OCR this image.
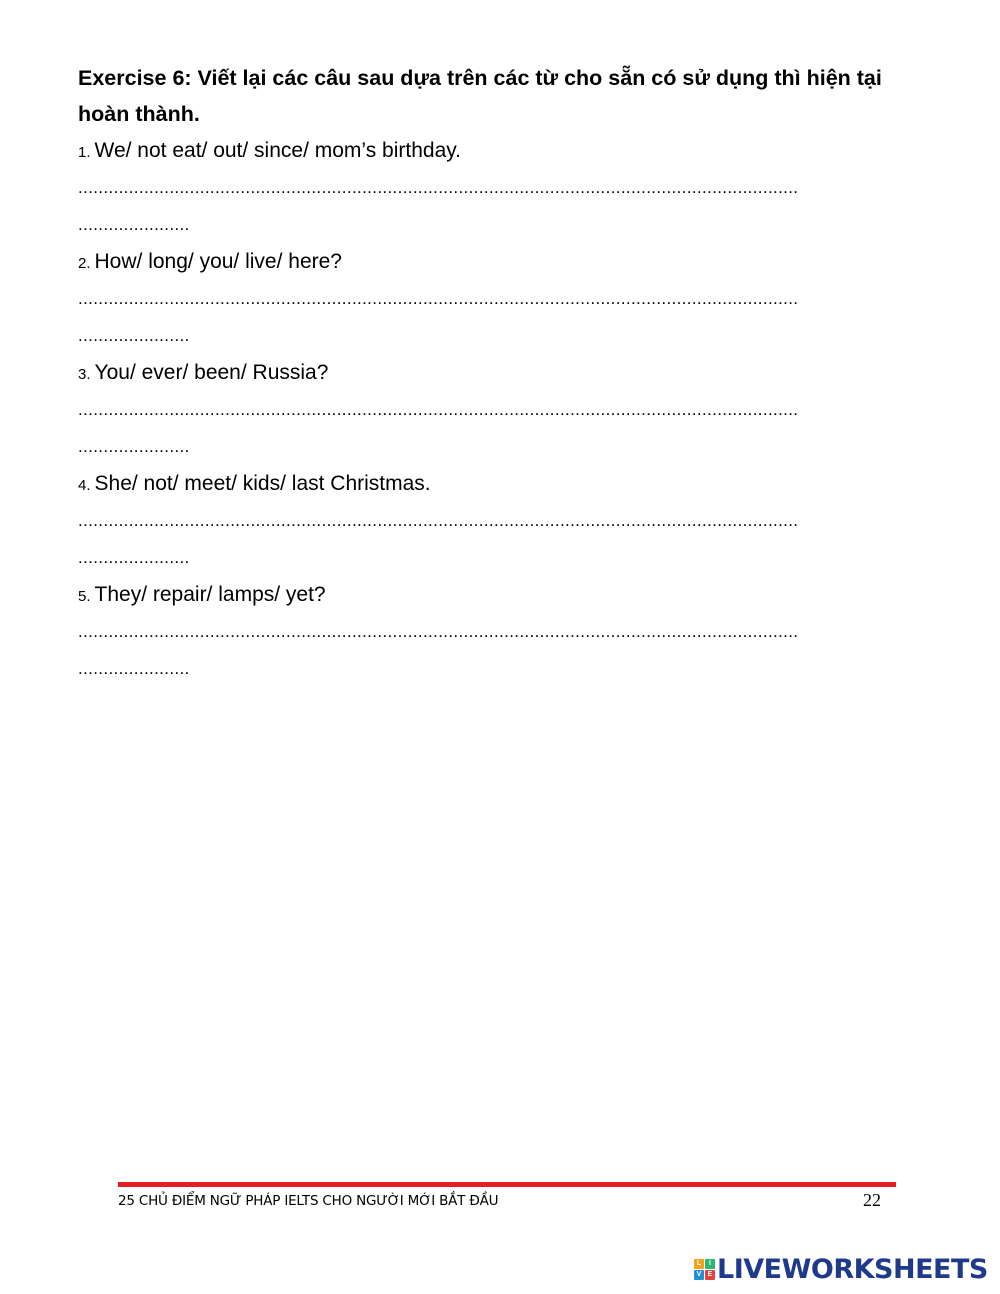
Exercise 6: Viết lại các câu sau dựa trên các từ cho sẵn có sử dụng thì hiện tại hoàn thành.

1. We/ not eat/ out/ since/ mom’s birthday.
..............................................................................................................................................
......................
2. How/ long/ you/ live/ here?
..............................................................................................................................................
......................
3. You/ ever/ been/ Russia?
..............................................................................................................................................
......................
4. She/ not/ meet/ kids/ last Christmas.
..............................................................................................................................................
......................
5. They/ repair/ lamps/ yet?
..............................................................................................................................................
......................
25 CHỦ ĐIỂM NGỮ PHÁP IELTS CHO NGƯỜI MỚI BẮT ĐẦU	22
L	I
V E LIVEWORKSHEETS
